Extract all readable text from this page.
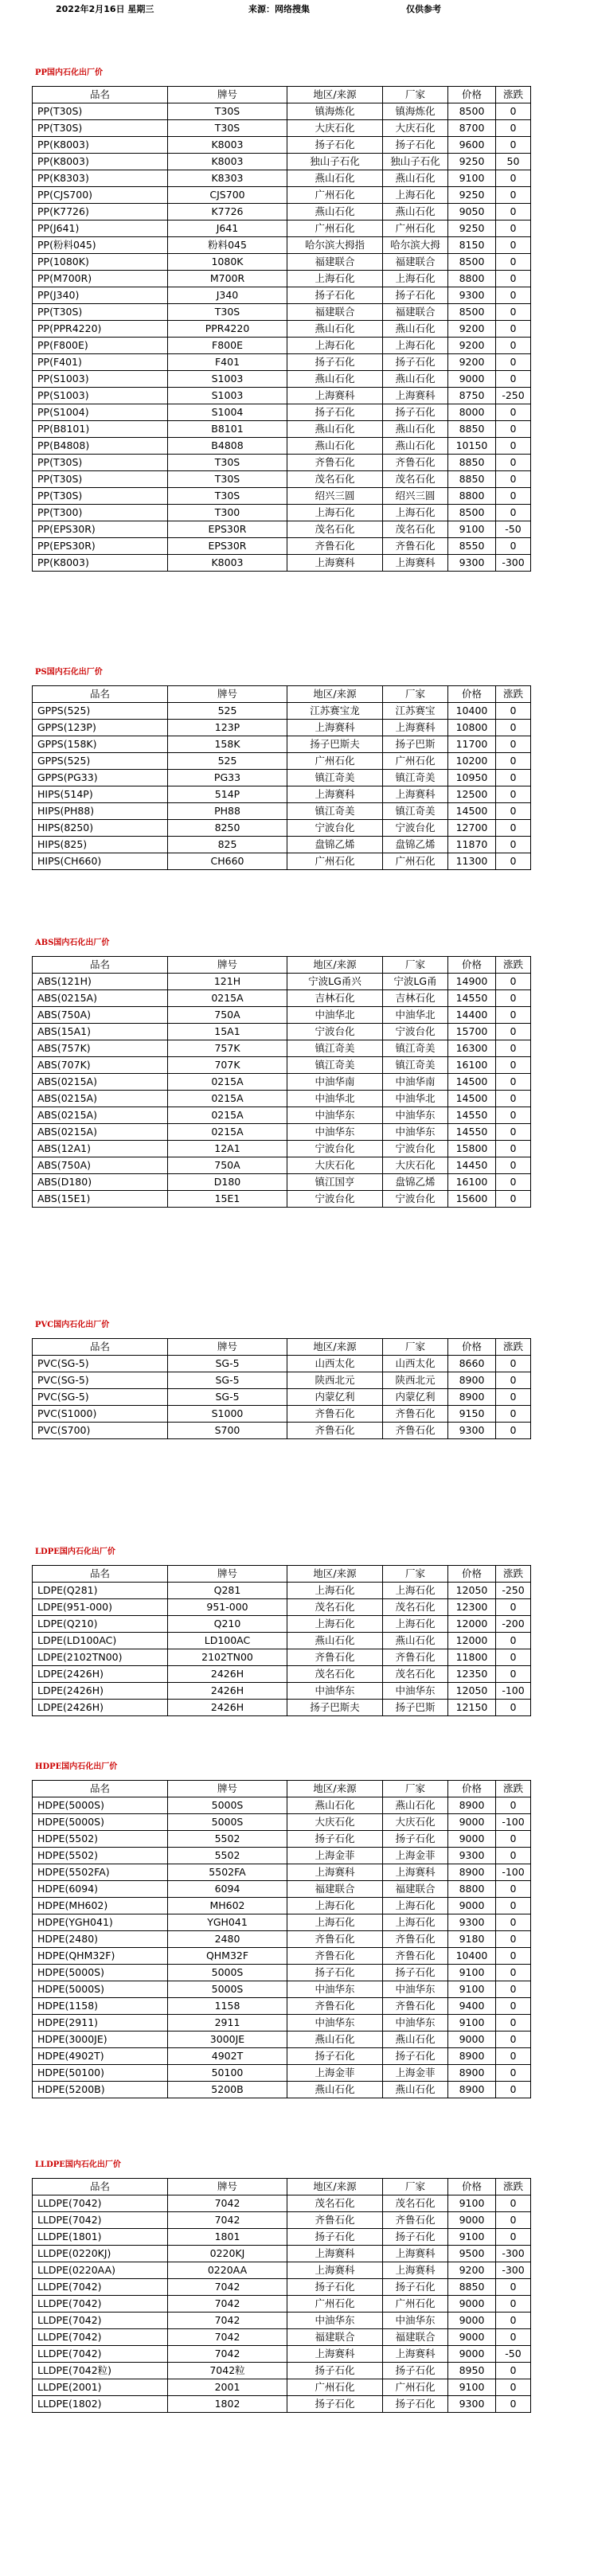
2022年2月16日 星期三	来源：网络搜集	仅供参考
PP国内石化出厂价
品名	牌号	地区/来源	厂家	价格	涨跌
PP(T30S)	T30S	镇海炼化	镇海炼化	8500	0
PP(T30S)	T30S	大庆石化	大庆石化	8700	0
PP(K8003)	K8003	扬子石化	扬子石化	9600	0
PP(K8003)	K8003	独山子石化	独山子石化	9250	50
PP(K8303)	K8303	燕山石化	燕山石化	9100	0
PP(CJS700)	CJS700	广州石化	上海石化	9250	0
PP(K7726)	K7726	燕山石化	燕山石化	9050	0
PP(J641)	J641	广州石化	广州石化	9250	0
PP(粉料045)	粉料045	哈尔滨大拇指	哈尔滨大拇	8150	0
PP(1080K)	1080K	福建联合	福建联合	8500	0
PP(M700R)	M700R	上海石化	上海石化	8800	0
PP(J340)	J340	扬子石化	扬子石化	9300	0
PP(T30S)	T30S	福建联合	福建联合	8500	0
PP(PPR4220)	PPR4220	燕山石化	燕山石化	9200	0
PP(F800E)	F800E	上海石化	上海石化	9200	0
PP(F401)	F401	扬子石化	扬子石化	9200	0
PP(S1003)	S1003	燕山石化	燕山石化	9000	0
PP(S1003)	S1003	上海赛科	上海赛科	8750	-250
PP(S1004)	S1004	扬子石化	扬子石化	8000	0
PP(B8101)	B8101	燕山石化	燕山石化	8850	0
PP(B4808)	B4808	燕山石化	燕山石化	10150	0
PP(T30S)	T30S	齐鲁石化	齐鲁石化	8850	0
PP(T30S)	T30S	茂名石化	茂名石化	8850	0
PP(T30S)	T30S	绍兴三圆	绍兴三圆	8800	0
PP(T300)	T300	上海石化	上海石化	8500	0
PP(EPS30R)	EPS30R	茂名石化	茂名石化	9100	-50
PP(EPS30R)	EPS30R	齐鲁石化	齐鲁石化	8550	0
PP(K8003)	K8003	上海赛科	上海赛科	9300	-300
PS国内石化出厂价
品名	牌号	地区/来源	厂家	价格	涨跌
GPPS(525)	525	江苏赛宝龙	江苏赛宝	10400	0
GPPS(123P)	123P	上海赛科	上海赛科	10800	0
GPPS(158K)	158K	扬子巴斯夫	扬子巴斯	11700	0
GPPS(525)	525	广州石化	广州石化	10200	0
GPPS(PG33)	PG33	镇江奇美	镇江奇美	10950	0
HIPS(514P)	514P	上海赛科	上海赛科	12500	0
HIPS(PH88)	PH88	镇江奇美	镇江奇美	14500	0
HIPS(8250)	8250	宁波台化	宁波台化	12700	0
HIPS(825)	825	盘锦乙烯	盘锦乙烯	11870	0
HIPS(CH660)	CH660	广州石化	广州石化	11300	0
ABS国内石化出厂价
品名	牌号	地区/来源	厂家	价格	涨跌
ABS(121H)	121H	宁波LG甬兴	宁波LG甬	14900	0
ABS(0215A)	0215A	吉林石化	吉林石化	14550	0
ABS(750A)	750A	中油华北	中油华北	14400	0
ABS(15A1)	15A1	宁波台化	宁波台化	15700	0
ABS(757K)	757K	镇江奇美	镇江奇美	16300	0
ABS(707K)	707K	镇江奇美	镇江奇美	16100	0
ABS(0215A)	0215A	中油华南	中油华南	14500	0
ABS(0215A)	0215A	中油华北	中油华北	14500	0
ABS(0215A)	0215A	中油华东	中油华东	14550	0
ABS(0215A)	0215A	中油华东	中油华东	14550	0
ABS(12A1)	12A1	宁波台化	宁波台化	15800	0
ABS(750A)	750A	大庆石化	大庆石化	14450	0
ABS(D180)	D180	镇江国亨	盘锦乙烯	16100	0
ABS(15E1)	15E1	宁波台化	宁波台化	15600	0
PVC国内石化出厂价
品名	牌号	地区/来源	厂家	价格	涨跌
PVC(SG-5)	SG-5	山西太化	山西太化	8660	0
PVC(SG-5)	SG-5	陕西北元	陕西北元	8900	0
PVC(SG-5)	SG-5	内蒙亿利	内蒙亿利	8900	0
PVC(S1000)	S1000	齐鲁石化	齐鲁石化	9150	0
PVC(S700)	S700	齐鲁石化	齐鲁石化	9300	0
LDPE国内石化出厂价
品名	牌号	地区/来源	厂家	价格	涨跌
LDPE(Q281)	Q281	上海石化	上海石化	12050	-250
LDPE(951-000)	951-000	茂名石化	茂名石化	12300	0
LDPE(Q210)	Q210	上海石化	上海石化	12000	-200
LDPE(LD100AC)	LD100AC	燕山石化	燕山石化	12000	0
LDPE(2102TN00)	2102TN00	齐鲁石化	齐鲁石化	11800	0
LDPE(2426H)	2426H	茂名石化	茂名石化	12350	0
LDPE(2426H)	2426H	中油华东	中油华东	12050	-100
LDPE(2426H)	2426H	扬子巴斯夫	扬子巴斯	12150	0
HDPE国内石化出厂价
品名	牌号	地区/来源	厂家	价格	涨跌
HDPE(5000S)	5000S	燕山石化	燕山石化	8900	0
HDPE(5000S)	5000S	大庆石化	大庆石化	9000	-100
HDPE(5502)	5502	扬子石化	扬子石化	9000	0
HDPE(5502)	5502	上海金菲	上海金菲	9300	0
HDPE(5502FA)	5502FA	上海赛科	上海赛科	8900	-100
HDPE(6094)	6094	福建联合	福建联合	8800	0
HDPE(MH602)	MH602	上海石化	上海石化	9000	0
HDPE(YGH041)	YGH041	上海石化	上海石化	9300	0
HDPE(2480)	2480	齐鲁石化	齐鲁石化	9180	0
HDPE(QHM32F)	QHM32F	齐鲁石化	齐鲁石化	10400	0
HDPE(5000S)	5000S	扬子石化	扬子石化	9100	0
HDPE(5000S)	5000S	中油华东	中油华东	9100	0
HDPE(1158)	1158	齐鲁石化	齐鲁石化	9400	0
HDPE(2911)	2911	中油华东	中油华东	9100	0
HDPE(3000JE)	3000JE	燕山石化	燕山石化	9000	0
HDPE(4902T)	4902T	扬子石化	扬子石化	8900	0
HDPE(50100)	50100	上海金菲	上海金菲	8900	0
HDPE(5200B)	5200B	燕山石化	燕山石化	8900	0
LLDPE国内石化出厂价
品名	牌号	地区/来源	厂家	价格	涨跌
LLDPE(7042)	7042	茂名石化	茂名石化	9100	0
LLDPE(7042)	7042	齐鲁石化	齐鲁石化	9000	0
LLDPE(1801)	1801	扬子石化	扬子石化	9100	0
LLDPE(0220KJ)	0220KJ	上海赛科	上海赛科	9500	-300
LLDPE(0220AA)	0220AA	上海赛科	上海赛科	9200	-300
LLDPE(7042)	7042	扬子石化	扬子石化	8850	0
LLDPE(7042)	7042	广州石化	广州石化	9000	0
LLDPE(7042)	7042	中油华东	中油华东	9000	0
LLDPE(7042)	7042	福建联合	福建联合	9000	0
LLDPE(7042)	7042	上海赛科	上海赛科	9000	-50
LLDPE(7042粒)	7042粒	扬子石化	扬子石化	8950	0
LLDPE(2001)	2001	广州石化	广州石化	9100	0
LLDPE(1802)	1802	扬子石化	扬子石化	9300	0
